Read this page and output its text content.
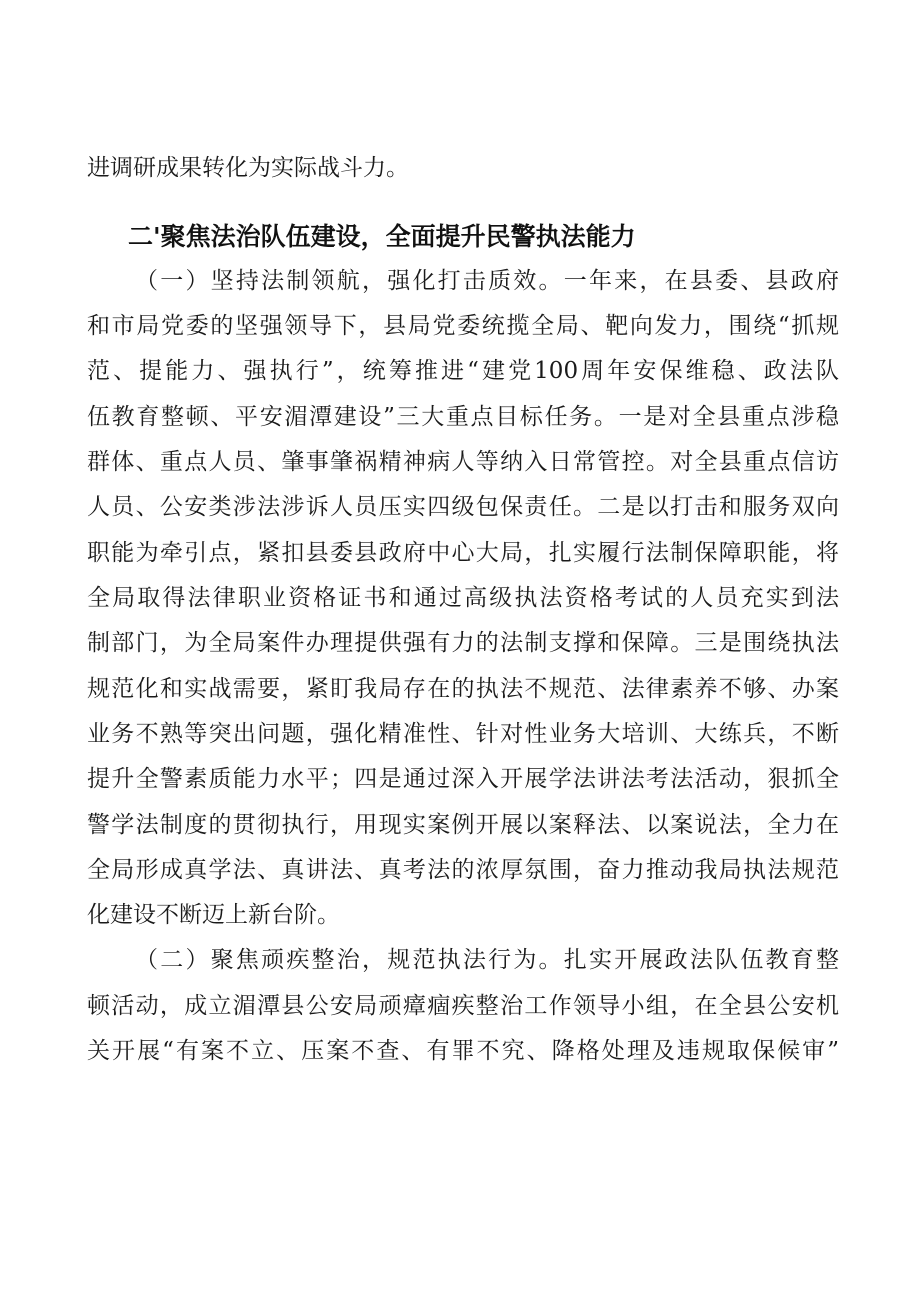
进调研成果转化为实际战斗力。
二'聚焦法治队伍建设，全面提升民警执法能力
（一）坚持法制领航，强化打击质效。一年来，在县委、县政府
和市局党委的坚强领导下，县局党委统揽全局、靶向发力，围绕“抓规
范、提能力、强执行”，统筹推进“建党100周年安保维稳、政法队
伍教育整顿、平安湄潭建设”三大重点目标任务。一是对全县重点涉稳
群体、重点人员、肇事肇祸精神病人等纳入日常管控。对全县重点信访
人员、公安类涉法涉诉人员压实四级包保责任。二是以打击和服务双向
职能为牵引点，紧扣县委县政府中心大局，扎实履行法制保障职能，将
全局取得法律职业资格证书和通过高级执法资格考试的人员充实到法
制部门，为全局案件办理提供强有力的法制支撑和保障。三是围绕执法
规范化和实战需要，紧盯我局存在的执法不规范、法律素养不够、办案
业务不熟等突出问题，强化精准性、针对性业务大培训、大练兵，不断
提升全警素质能力水平；四是通过深入开展学法讲法考法活动，狠抓全
警学法制度的贯彻执行，用现实案例开展以案释法、以案说法，全力在
全局形成真学法、真讲法、真考法的浓厚氛围，奋力推动我局执法规范
化建设不断迈上新台阶。
（二）聚焦顽疾整治，规范执法行为。扎实开展政法队伍教育整
顿活动，成立湄潭县公安局顽瘴痼疾整治工作领导小组，在全县公安机
关开展“有案不立、压案不查、有罪不究、降格处理及违规取保候审”
